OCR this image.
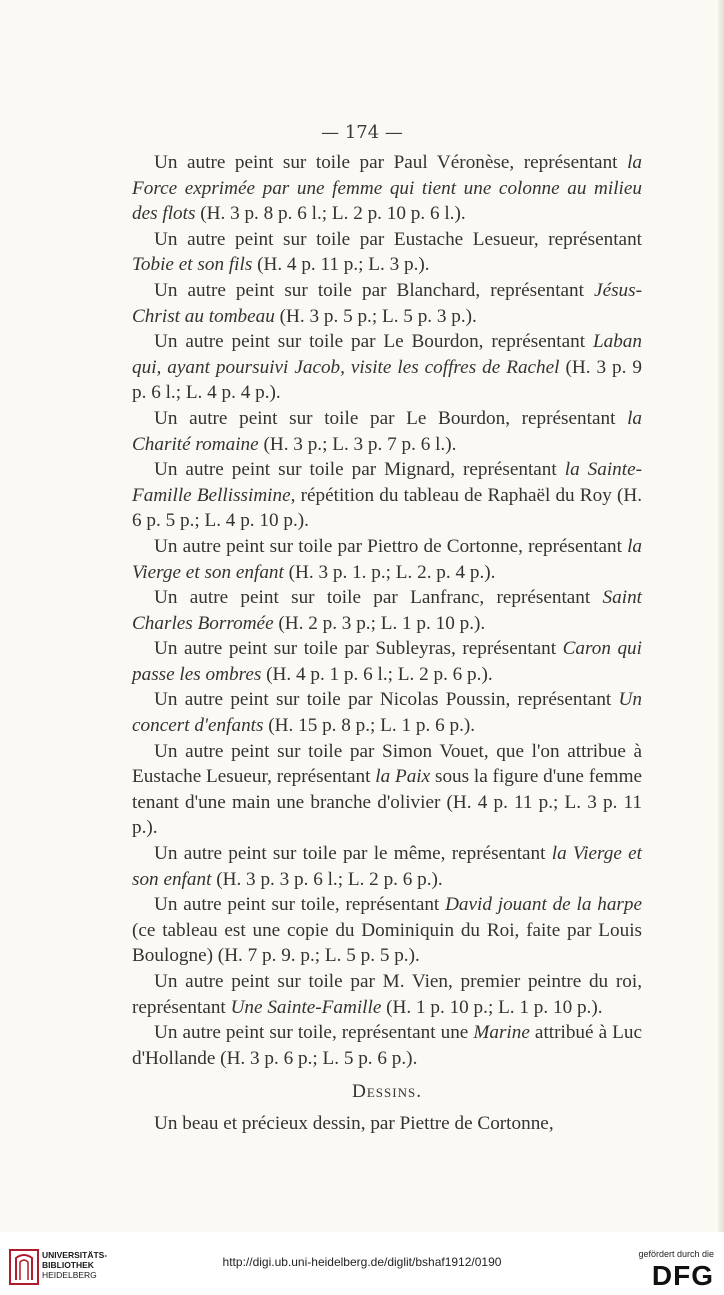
— 174 —

Un autre peint sur toile par Paul Véronèse, représentant la Force exprimée par une femme qui tient une colonne au milieu des flots (H. 3 p. 8 p. 6 l.; L. 2 p. 10 p. 6 l.).

Un autre peint sur toile par Eustache Lesueur, représentant Tobie et son fils (H. 4 p. 11 p.; L. 3 p.).

Un autre peint sur toile par Blanchard, représentant Jésus-Christ au tombeau (H. 3 p. 5 p.; L. 5 p. 3 p.).

Un autre peint sur toile par Le Bourdon, représentant Laban qui, ayant poursuivi Jacob, visite les coffres de Rachel (H. 3 p. 9 p. 6 l.; L. 4 p. 4 p.).

Un autre peint sur toile par Le Bourdon, représentant la Charité romaine (H. 3 p.; L. 3 p. 7 p. 6 l.).

Un autre peint sur toile par Mignard, représentant la Sainte-Famille Bellissimine, répétition du tableau de Raphaël du Roy (H. 6 p. 5 p.; L. 4 p. 10 p.).

Un autre peint sur toile par Piettro de Cortonne, représentant la Vierge et son enfant (H. 3 p. 1. p.; L. 2. p. 4 p.).

Un autre peint sur toile par Lanfranc, représentant Saint Charles Borromée (H. 2 p. 3 p.; L. 1 p. 10 p.).

Un autre peint sur toile par Subleyras, représentant Caron qui passe les ombres (H. 4 p. 1 p. 6 l.; L. 2 p. 6 p.).

Un autre peint sur toile par Nicolas Poussin, représentant Un concert d'enfants (H. 15 p. 8 p.; L. 1 p. 6 p.).

Un autre peint sur toile par Simon Vouet, que l'on attribue à Eustache Lesueur, représentant la Paix sous la figure d'une femme tenant d'une main une branche d'olivier (H. 4 p. 11 p.; L. 3 p. 11 p.).

Un autre peint sur toile par le même, représentant la Vierge et son enfant (H. 3 p. 3 p. 6 l.; L. 2 p. 6 p.).

Un autre peint sur toile, représentant David jouant de la harpe (ce tableau est une copie du Dominiquin du Roi, faite par Louis Boulogne) (H. 7 p. 9. p.; L. 5 p. 5 p.).

Un autre peint sur toile par M. Vien, premier peintre du roi, représentant Une Sainte-Famille (H. 1 p. 10 p.; L. 1 p. 10 p.).

Un autre peint sur toile, représentant une Marine attribué à Luc d'Hollande (H. 3 p. 6 p.; L. 5 p. 6 p.).

Dessins.

Un beau et précieux dessin, par Piettre de Cortonne,

UNIVERSITÄTS-
BIBLIOTHEK
HEIDELBERG
http://digi.ub.uni-heidelberg.de/diglit/bshaf1912/0190
gefördert durch die
DFG
